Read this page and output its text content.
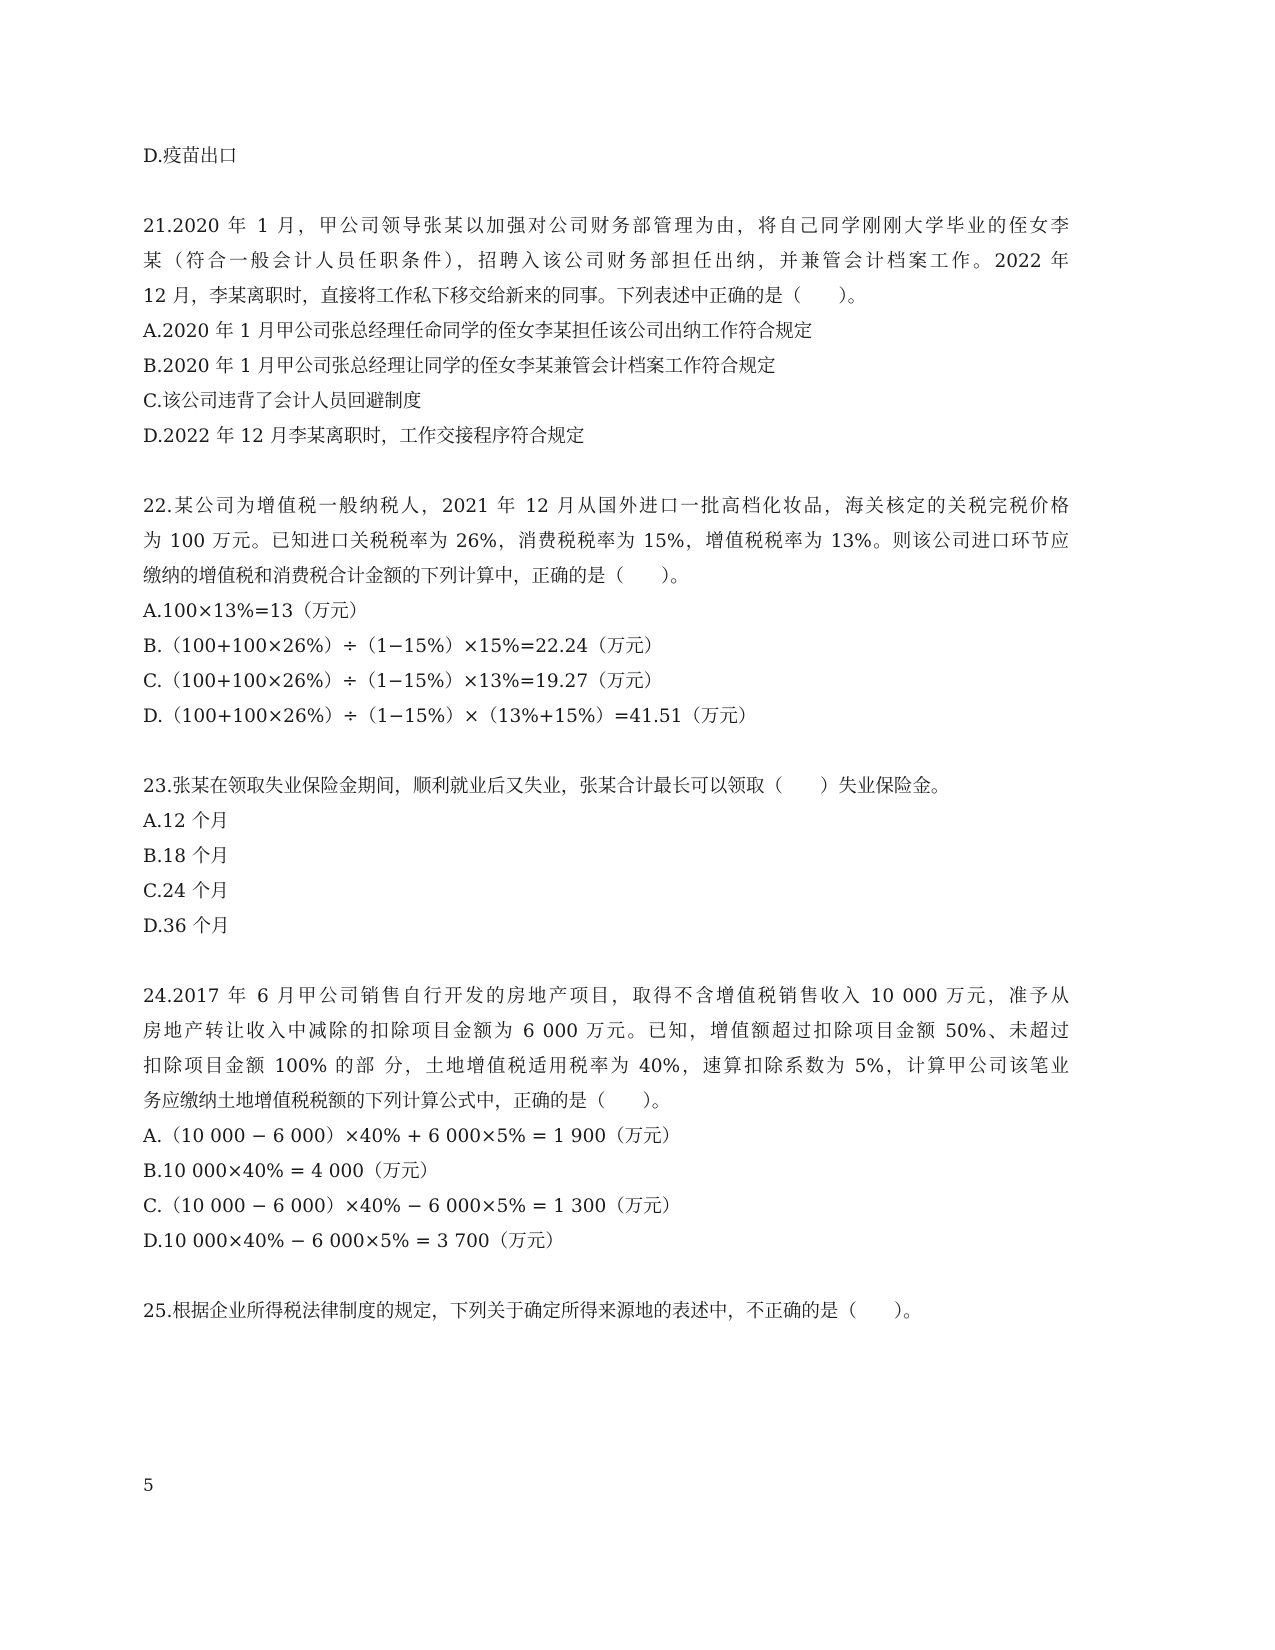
D.疫苗出口
21.2020 年 1 月，甲公司领导张某以加强对公司财务部管理为由，将自己同学刚刚大学毕业的侄女李
某（符合一般会计人员任职条件），招聘入该公司财务部担任出纳，并兼管会计档案工作。2022 年
12 月，李某离职时，直接将工作私下移交给新来的同事。下列表述中正确的是（　　）。
A.2020 年 1 月甲公司张总经理任命同学的侄女李某担任该公司出纳工作符合规定
B.2020 年 1 月甲公司张总经理让同学的侄女李某兼管会计档案工作符合规定
C.该公司违背了会计人员回避制度
D.2022 年 12 月李某离职时，工作交接程序符合规定
22.某公司为增值税一般纳税人，2021 年 12 月从国外进口一批高档化妆品，海关核定的关税完税价格
为 100 万元。已知进口关税税率为 26%，消费税税率为 15%，增值税税率为 13%。则该公司进口环节应
缴纳的增值税和消费税合计金额的下列计算中，正确的是（　　）。
A.100×13%=13（万元）
B.（100+100×26%）÷（1−15%）×15%=22.24（万元）
C.（100+100×26%）÷（1−15%）×13%=19.27（万元）
D.（100+100×26%）÷（1−15%）×（13%+15%）=41.51（万元）
23.张某在领取失业保险金期间，顺利就业后又失业，张某合计最长可以领取（　　）失业保险金。
A.12 个月
B.18 个月
C.24 个月
D.36 个月
24.2017 年 6 月甲公司销售自行开发的房地产项目，取得不含增值税销售收入 10 000 万元，准予从
房地产转让收入中减除的扣除项目金额为 6 000 万元。已知，增值额超过扣除项目金额 50%、未超过
扣除项目金额 100% 的部 分，土地增值税适用税率为 40%，速算扣除系数为 5%，计算甲公司该笔业
务应缴纳土地增值税税额的下列计算公式中，正确的是（　　）。
A.（10 000 − 6 000）×40% + 6 000×5% = 1 900（万元）
B.10 000×40% = 4 000（万元）
C.（10 000 − 6 000）×40% − 6 000×5% = 1 300（万元）
D.10 000×40% − 6 000×5% = 3 700（万元）
25.根据企业所得税法律制度的规定，下列关于确定所得来源地的表述中，不正确的是（　　）。
5
